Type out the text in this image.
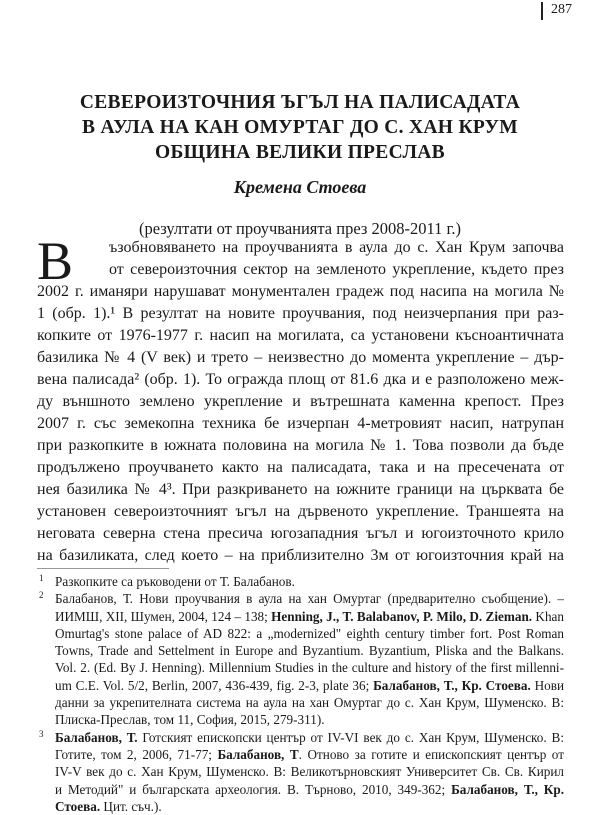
287
СЕВЕРОИЗТОЧНИЯ ЪГЪЛ НА ПАЛИСАДАТА
В АУЛА НА КАН ОМУРТАГ ДО С. ХАН КРУМ
ОБЩИНА ВЕЛИКИ ПРЕСЛАВ
Кремена Стоева
(резултати от проучванията през 2008-2011 г.)
В ъзобновяването на проучванията в аула до с. Хан Крум започва
от североизточния сектор на земленото укрепление, където през
2002 г. иманяри нарушават монументален градеж под насипа на могила №
1 (обр. 1).¹ В резултат на новите проучвания, под неизчерпания при раз-
копките от 1976-1977 г. насип на могилата, са установени късноантичната
базилика № 4 (V век) и трето – неизвестно до момента укрепление – дър-
вена палисада² (обр. 1). То огражда площ от 81.6 дка и е разположено меж-
ду външното землено укрепление и вътрешната каменна крепост. През
2007 г. със земекопна техника бе изчерпан 4-метровият насип, натрупан
при разкопките в южната половина на могила № 1. Това позволи да бъде
продължено проучването както на палисадата, така и на пресечената от
нея базилика № 4³. При разкриването на южните граници на църквата бе
установен североизточният ъгъл на дървеното укрепление. Траншеята на
неговата северна стена пресича югозападния ъгъл и югоизточното крило
на базиликата, след което – на приблизително 3м от югоизточния край на
1 Разкопките са ръководени от Т. Балабанов.
2 Балабанов, Т. Нови проучвания в аула на хан Омуртаг (предварително съобщение). –
ИИМШ, XII, Шумен, 2004, 124 – 138; Henning, J., T. Balabanov, P. Milo, D. Zieman. Khan
Omurtag's stone palace of AD 822: a „modernized" eighth century timber fort. Post Roman
Towns, Trade and Settelment in Europe and Byzantium. Byzantium, Pliska and the Balkans.
Vol. 2. (Ed. By J. Henning). Millennium Studies in the culture and history of the first millenni-
um C.E. Vol. 5/2, Berlin, 2007, 436-439, fig. 2-3, plate 36; Балабанов, Т., Кр. Стоева. Нови
данни за укрепителната система на аула на хан Омуртаг до с. Хан Крум, Шуменско. В:
Плиска-Преслав, том 11, София, 2015, 279-311).
3 Балабанов, Т. Готският епископски център от IV-VI век до с. Хан Крум, Шуменско. В:
Готите, том 2, 2006, 71-77; Балабанов, Т. Отново за готите и епископският център от
IV-V век до с. Хан Крум, Шуменско. В: Великотърновският Университет Св. Св. Кирил
и Методий" и българската археология. В. Търново, 2010, 349-362; Балабанов, Т., Кр.
Стоева. Цит. съч.).
